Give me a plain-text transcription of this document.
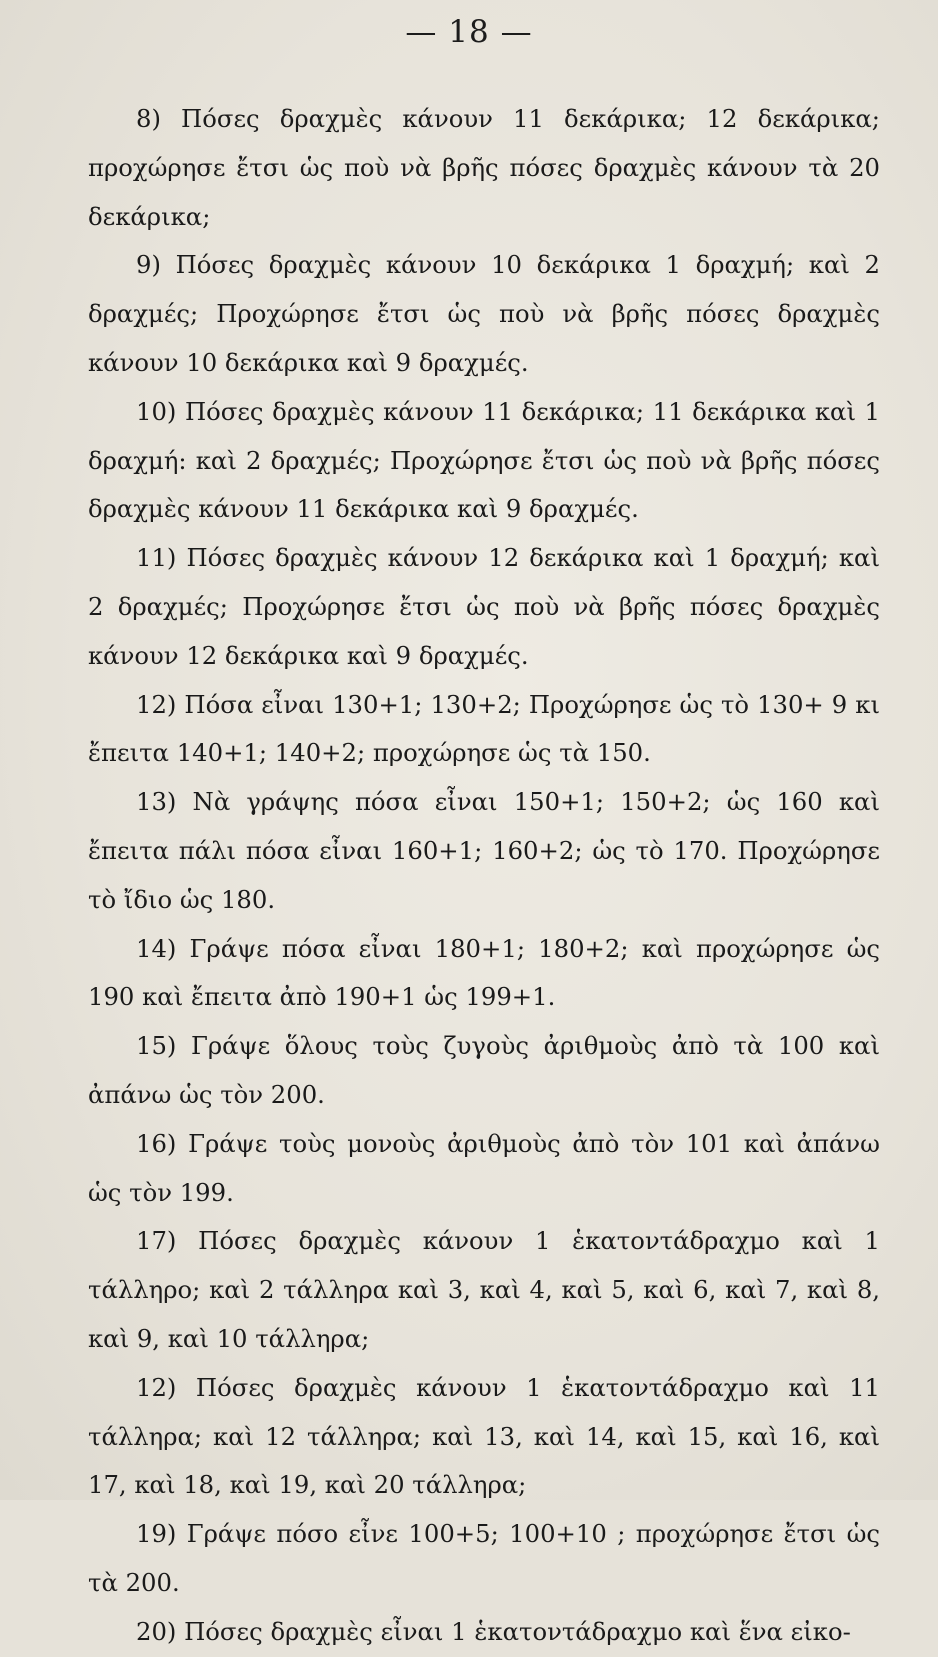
— 18 —

8) Πόσες δραχμὲς κάνουν 11 δεκάρικα; 12 δεκάρικα; προχώρησε ἔτσι ὡς ποὺ νὰ βρῆς πόσες δραχμὲς κάνουν τὰ 20 δεκάρικα;

9) Πόσες δραχμὲς κάνουν 10 δεκάρικα 1 δραχμή; καὶ 2 δραχμές; Προχώρησε ἔτσι ὡς ποὺ νὰ βρῆς πόσες δραχμὲς κάνουν 10 δεκάρικα καὶ 9 δραχμές.

10) Πόσες δραχμὲς κάνουν 11 δεκάρικα; 11 δεκάρικα καὶ 1 δραχμή: καὶ 2 δραχμές; Προχώρησε ἔτσι ὡς ποὺ νὰ βρῆς πόσες δραχμὲς κάνουν 11 δεκάρικα καὶ 9 δραχμές.

11) Πόσες δραχμὲς κάνουν 12 δεκάρικα καὶ 1 δραχμή; καὶ 2 δραχμές; Προχώρησε ἔτσι ὡς ποὺ νὰ βρῆς πόσες δραχμὲς κάνουν 12 δεκάρικα καὶ 9 δραχμές.

12) Πόσα εἶναι 130+1; 130+2; Προχώρησε ὡς τὸ 130+ 9 κι ἔπειτα 140+1; 140+2; προχώρησε ὡς τὰ 150.

13) Νὰ γράψης πόσα εἶναι 150+1; 150+2; ὡς 160 καὶ ἔπειτα πάλι πόσα εἶναι 160+1; 160+2; ὡς τὸ 170. Προχώρησε τὸ ἴδιο ὡς 180.

14) Γράψε πόσα εἶναι 180+1; 180+2; καὶ προχώρησε ὡς 190 καὶ ἔπειτα ἀπὸ 190+1 ὡς 199+1.

15) Γράψε ὅλους τοὺς ζυγοὺς ἀριθμοὺς ἀπὸ τὰ 100 καὶ ἀπάνω ὡς τὸν 200.

16) Γράψε τοὺς μονοὺς ἀριθμοὺς ἀπὸ τὸν 101 καὶ ἀπάνω ὡς τὸν 199.

17) Πόσες δραχμὲς κάνουν 1 ἑκατοντάδραχμο καὶ 1 τάλληρο; καὶ 2 τάλληρα καὶ 3, καὶ 4, καὶ 5, καὶ 6, καὶ 7, καὶ 8, καὶ 9, καὶ 10 τάλληρα;

12) Πόσες δραχμὲς κάνουν 1 ἑκατοντάδραχμο καὶ 11 τάλληρα; καὶ 12 τάλληρα; καὶ 13, καὶ 14, καὶ 15, καὶ 16, καὶ 17, καὶ 18, καὶ 19, καὶ 20 τάλληρα;

19) Γράψε πόσο εἶνε 100+5; 100+10 ; προχώρησε ἔτσι ὡς τὰ 200.

20) Πόσες δραχμὲς εἶναι 1 ἑκατοντάδραχμο καὶ ἕνα εἰκο-
